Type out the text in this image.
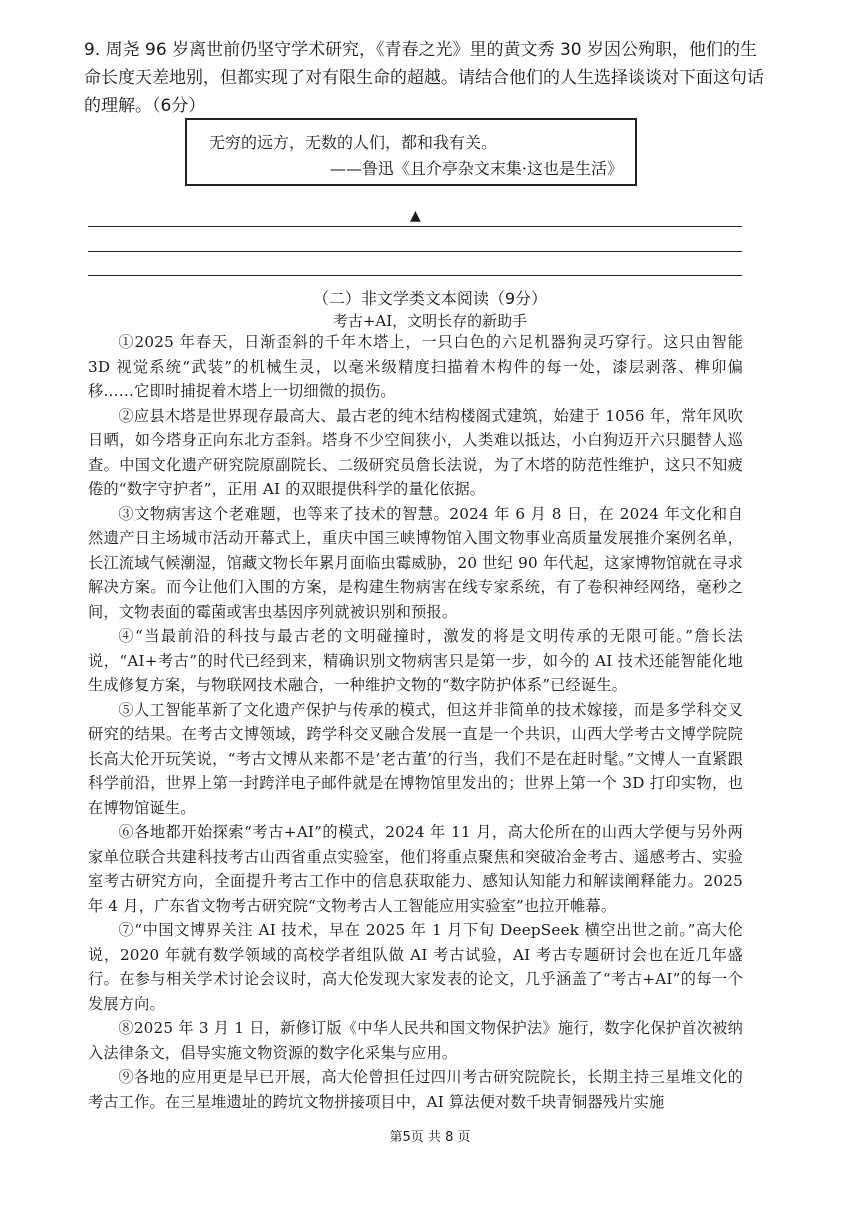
9. 周尧 96 岁离世前仍坚守学术研究，《青春之光》里的黄文秀 30 岁因公殉职，他们的生命长度天差地别，但都实现了对有限生命的超越。请结合他们的人生选择谈谈对下面这句话的理解。（6分）

无穷的远方，无数的人们，都和我有关。
——鲁迅《且介亭杂文末集·这也是生活》
▲
（二）非文学类文本阅读（9分）
考古+AI，文明长存的新助手

①2025 年春天，日渐歪斜的千年木塔上，一只白色的六足机器狗灵巧穿行。这只由智能 3D 视觉系统“武装”的机械生灵，以毫米级精度扫描着木构件的每一处，漆层剥落、榫卯偏移……它即时捕捉着木塔上一切细微的损伤。

②应县木塔是世界现存最高大、最古老的纯木结构楼阁式建筑，始建于 1056 年，常年风吹日晒，如今塔身正向东北方歪斜。塔身不少空间狭小，人类难以抵达，小白狗迈开六只腿替人巡查。中国文化遗产研究院原副院长、二级研究员詹长法说，为了木塔的防范性维护，这只不知疲倦的“数字守护者”，正用 AI 的双眼提供科学的量化依据。

③文物病害这个老难题，也等来了技术的智慧。2024 年 6 月 8 日，在 2024 年文化和自然遗产日主场城市活动开幕式上，重庆中国三峡博物馆入围文物事业高质量发展推介案例名单，长江流域气候潮湿，馆藏文物长年累月面临虫霉威胁，20 世纪 90 年代起，这家博物馆就在寻求解决方案。而今让他们入围的方案，是构建生物病害在线专家系统，有了卷积神经网络，毫秒之间，文物表面的霉菌或害虫基因序列就被识别和预报。

④“当最前沿的科技与最古老的文明碰撞时，激发的将是文明传承的无限可能。”詹长法说，“AI+考古”的时代已经到来，精确识别文物病害只是第一步，如今的 AI 技术还能智能化地生成修复方案，与物联网技术融合，一种维护文物的“数字防护体系”已经诞生。

⑤人工智能革新了文化遗产保护与传承的模式，但这并非简单的技术嫁接，而是多学科交叉研究的结果。在考古文博领域，跨学科交叉融合发展一直是一个共识，山西大学考古文博学院院长高大伦开玩笑说，“考古文博从来都不是‘老古董’的行当，我们不是在赶时髦。”文博人一直紧跟科学前沿，世界上第一封跨洋电子邮件就是在博物馆里发出的；世界上第一个 3D 打印实物，也在博物馆诞生。

⑥各地都开始探索“考古+AI”的模式，2024 年 11 月，高大伦所在的山西大学便与另外两家单位联合共建科技考古山西省重点实验室，他们将重点聚焦和突破冶金考古、遥感考古、实验室考古研究方向，全面提升考古工作中的信息获取能力、感知认知能力和解读阐释能力。2025 年 4 月，广东省文物考古研究院“文物考古人工智能应用实验室”也拉开帷幕。

⑦“中国文博界关注 AI 技术，早在 2025 年 1 月下旬 DeepSeek 横空出世之前。”高大伦说，2020 年就有数学领域的高校学者组队做 AI 考古试验，AI 考古专题研讨会也在近几年盛行。在参与相关学术讨论会议时，高大伦发现大家发表的论文，几乎涵盖了“考古+AI”的每一个发展方向。

⑧2025 年 3 月 1 日，新修订版《中华人民共和国文物保护法》施行，数字化保护首次被纳入法律条文，倡导实施文物资源的数字化采集与应用。

⑨各地的应用更是早已开展，高大伦曾担任过四川考古研究院院长，长期主持三星堆文化的考古工作。在三星堆遗址的跨坑文物拼接项目中，AI 算法便对数千块青铜器残片实施

第5页 共 8 页
